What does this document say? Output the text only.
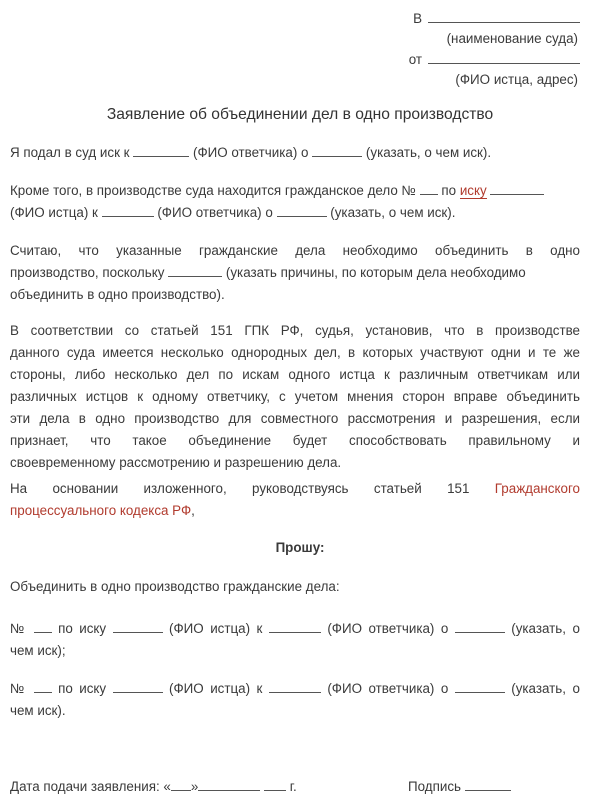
В
(наименование суда)
от
(ФИО истца, адрес)
Заявление об объединении дел в одно производство

Я подал в суд иск к	(ФИО ответчика) о	(указать, о чем иск).

Кроме того, в производстве суда находится гражданское дело № по иску
(ФИО истца) к	(ФИО ответчика) о	(указать, о чем иск).

Считаю, что указанные гражданские дела необходимо объединить в одно
производство, поскольку	(указать причины, по которым дела необходимо
объединить в одно производство).

В соответствии со статьей 151 ГПК РФ, судья, установив, что в производстве
данного суда имеется несколько однородных дел, в которых участвуют одни и те же
стороны, либо несколько дел по искам одного истца к различным ответчикам или
различных истцов к одному ответчику, с учетом мнения сторон вправе объединить
эти дела в одно производство для совместного рассмотрения и разрешения, если
признает, что такое объединение будет способствовать правильному и
своевременному рассмотрению и разрешению дела.

На основании изложенного, руководствуясь статьей 151 Гражданского
процессуального кодекса РФ,

Прошу:

Объединить в одно производство гражданские дела:

№ по иску	(ФИО истца) к	(ФИО ответчика) о	(указать, о
чем иск);

№ по иску	(ФИО истца) к	(ФИО ответчика) о	(указать, о
чем иск).

Дата подачи заявления: « »	г.	Подпись
